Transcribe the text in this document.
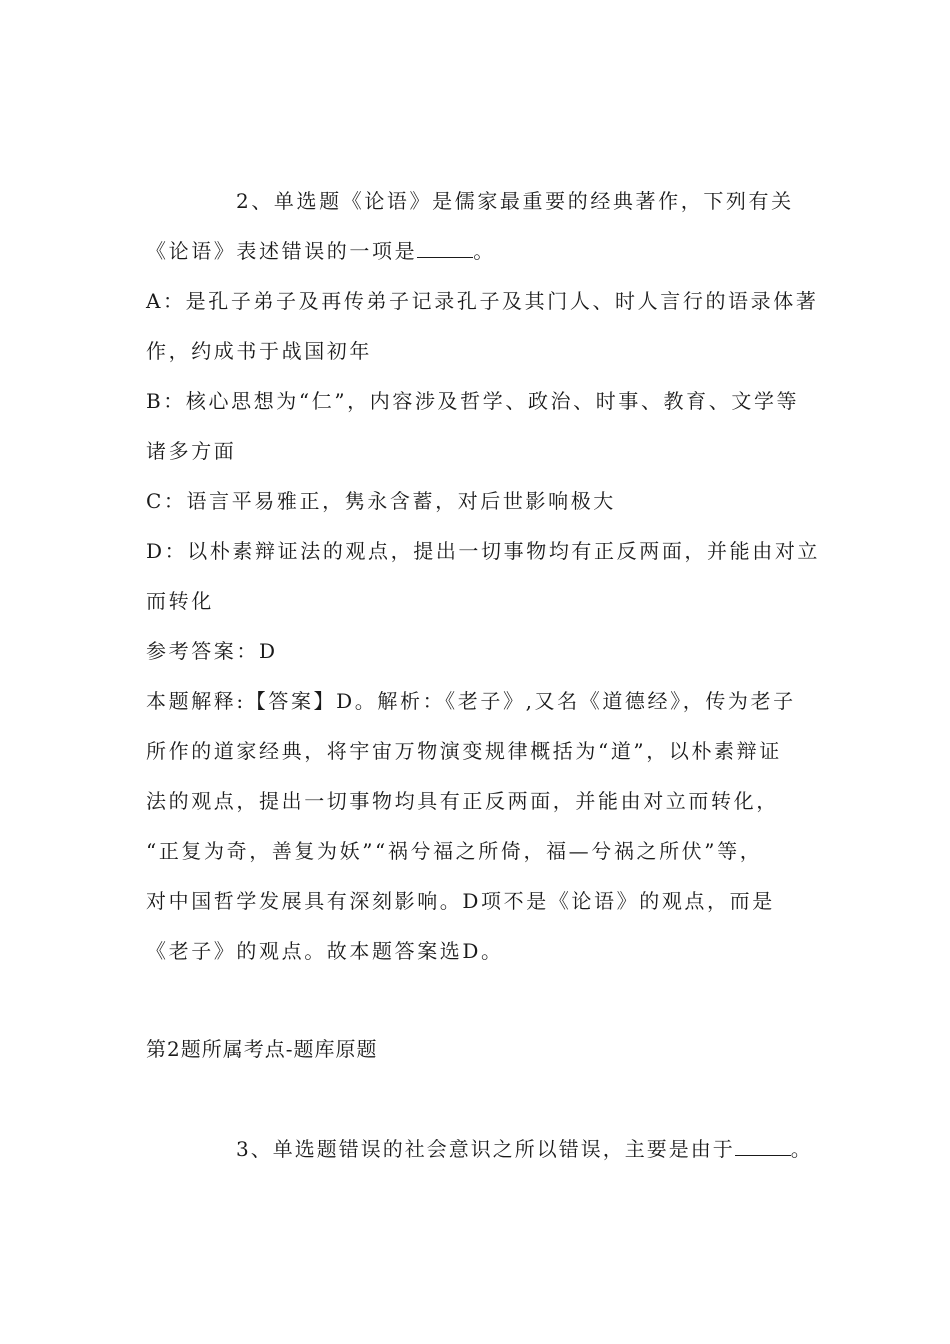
2、单选题《论语》是儒家最重要的经典著作，下列有关
《论语》表述错误的一项是	。
A：是孔子弟子及再传弟子记录孔子及其门人、时人言行的语录体著
作，约成书于战国初年
B：核心思想为“仁”，内容涉及哲学、政治、时事、教育、文学等
诸多方面
C：语言平易雅正，隽永含蓄，对后世影响极大
D：以朴素辩证法的观点，提出一切事物均有正反两面，并能由对立
而转化
参考答案：D
本题解释:【答案】D。解析：《老子》,又名《道德经》，传为老子
所作的道家经典，将宇宙万物演变规律概括为“道”，以朴素辩证
法的观点，提出一切事物均具有正反两面，并能由对立而转化，
“正复为奇，善复为妖”“祸兮福之所倚，福—兮祸之所伏”等，
对中国哲学发展具有深刻影响。D项不是《论语》的观点，而是
《老子》的观点。故本题答案选D。
第2题所属考点-题库原题
3、单选题错误的社会意识之所以错误，主要是由于	。
